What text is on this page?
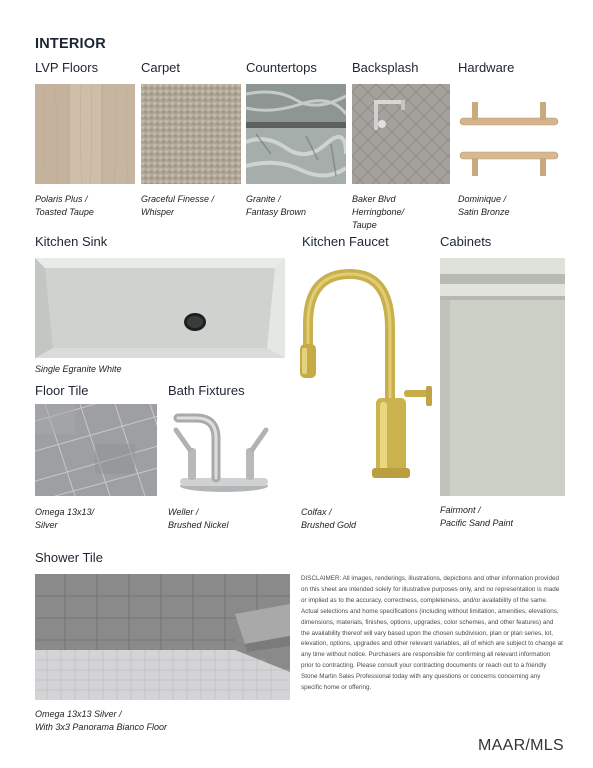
INTERIOR
LVP Floors	Carpet	Countertops	Backsplash	Hardware
Polaris Plus /
Toasted Taupe
Graceful Finesse /
Whisper
Granite /
Fantasy Brown
Baker Blvd
Herringbone/
Taupe
Dominique /
Satin Bronze
Kitchen Sink	Kitchen Faucet	Cabinets
Single Egranite White
Colfax /
Brushed Gold
Fairmont /
Pacific Sand Paint
Floor Tile	Bath Fixtures
Omega 13x13/
Silver
Weller /
Brushed Nickel
Shower Tile
Omega 13x13 Silver /
With 3x3 Panorama Bianco Floor
DISCLAIMER: All images, renderings, illustrations, depictions and other information provided on this sheet are intended solely for illustrative purposes only, and no representation is made or implied as to the accuracy, correctness, completeness, and/or availability of the same. Actual selections and home specifications (including without limitation, amenities, elevations, dimensions, materials, finishes, options, upgrades, color schemes, and other features) and the availability thereof will vary based upon the chosen subdivision, plan or plan series, lot, elevation, options, upgrades and other relevant variables, all of which are subject to change at any time without notice. Purchasers are responsible for confirming all relevant information prior to contracting. Please consult your contracting documents or reach out to a friendly Stone Martin Sales Professional today with any questions or concerns concerning any specific home or offering.
MAAR/MLS
